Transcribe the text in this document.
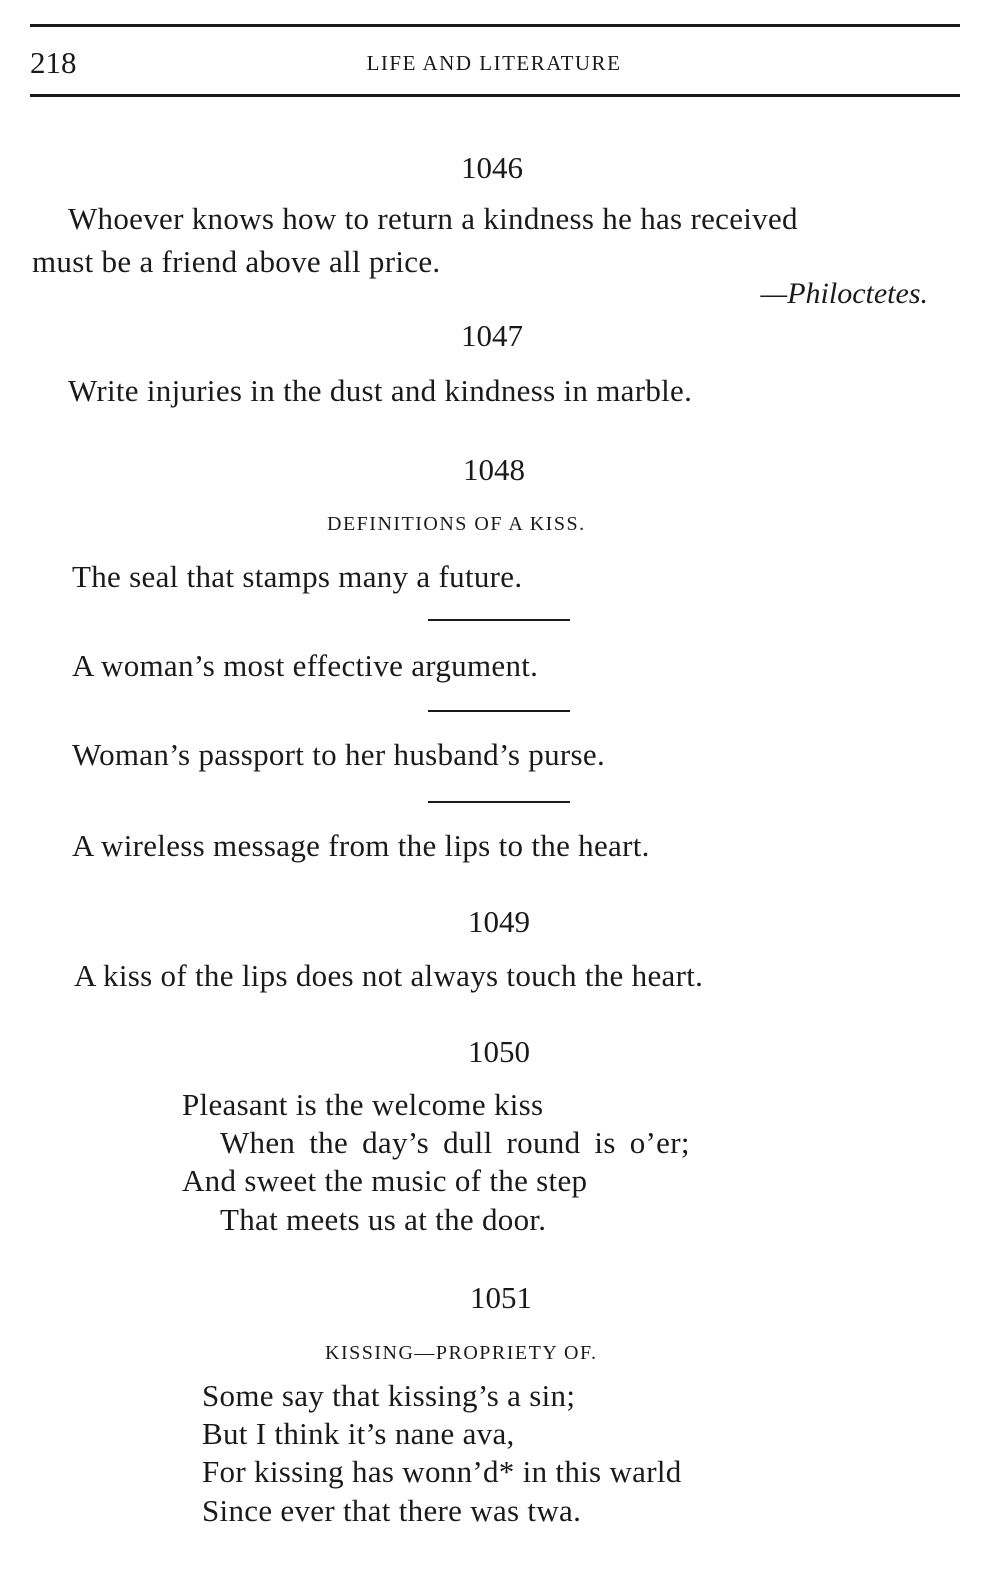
218	LIFE AND LITERATURE
1046
Whoever knows how to return a kindness he has received
must be a friend above all price.
—Philoctetes.
1047
Write injuries in the dust and kindness in marble.
1048
DEFINITIONS OF A KISS.
The seal that stamps many a future.
A woman’s most effective argument.
Woman’s passport to her husband’s purse.
A wireless message from the lips to the heart.
1049
A kiss of the lips does not always touch the heart.
1050
Pleasant is the welcome kiss
When the day’s dull round is o’er;
And sweet the music of the step
That meets us at the door.
1051
KISSING—PROPRIETY OF.
Some say that kissing’s a sin;
But I think it’s nane ava,
For kissing has wonn’d* in this warld
Since ever that there was twa.
